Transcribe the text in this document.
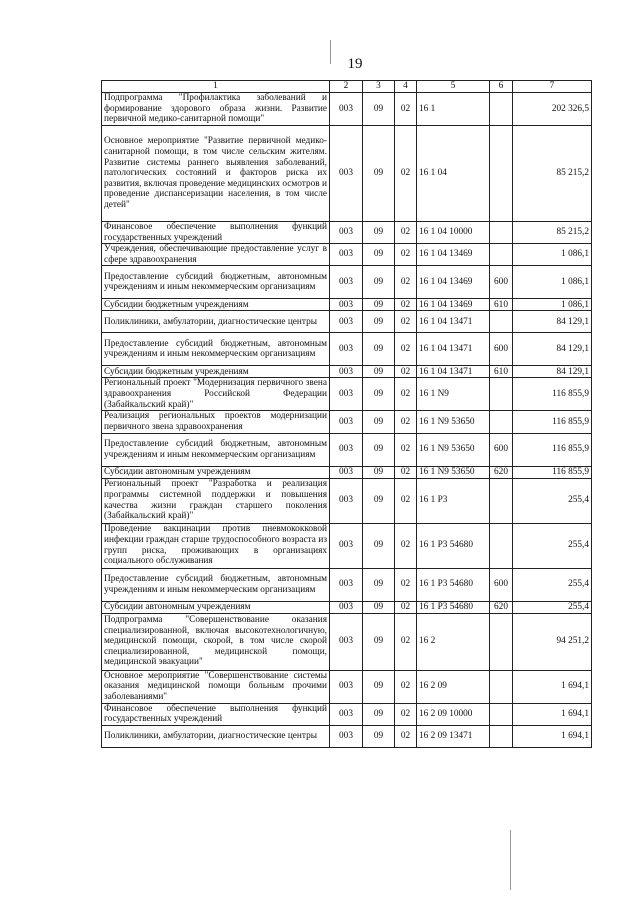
19
1	2	3	4	5	6	7
Подпрограмма "Профилактика заболеваний и формирование здорового образа жизни. Развитие первичной медико-санитарной помощи"	003	09	02	16 1		202 326,5
Основное мероприятие "Развитие первичной медико-санитарной помощи, в том числе сельским жителям. Развитие системы раннего выявления заболеваний, патологических состояний и факторов риска их развития, включая проведение медицинских осмотров и проведение диспансеризации населения, в том числе детей"	003	09	02	16 1 04		85 215,2
Финансовое обеспечение выполнения функций государственных учреждений	003	09	02	16 1 04 10000		85 215,2
Учреждения, обеспечивающие предоставление услуг в сфере здравоохранения	003	09	02	16 1 04 13469		1 086,1
Предоставление субсидий бюджетным, автономным учреждениям и иным некоммерческим организациям	003	09	02	16 1 04 13469	600	1 086,1
Субсидии бюджетным учреждениям	003	09	02	16 1 04 13469	610	1 086,1
Поликлиники, амбулатории, диагностические центры	003	09	02	16 1 04 13471		84 129,1
Предоставление субсидий бюджетным, автономным учреждениям и иным некоммерческим организациям	003	09	02	16 1 04 13471	600	84 129,1
Субсидии бюджетным учреждениям	003	09	02	16 1 04 13471	610	84 129,1
Региональный проект "Модернизация первичного звена здравоохранения Российской Федерации (Забайкальский край)"	003	09	02	16 1 N9		116 855,9
Реализация региональных проектов модернизации первичного звена здравоохранения	003	09	02	16 1 N9 53650		116 855,9
Предоставление субсидий бюджетным, автономным учреждениям и иным некоммерческим организациям	003	09	02	16 1 N9 53650	600	116 855,9
Субсидии автономным учреждениям	003	09	02	16 1 N9 53650	620	116 855,9
Региональный проект "Разработка и реализация программы системной поддержки и повышения качества жизни граждан старшего поколения (Забайкальский край)"	003	09	02	16 1 P3		255,4
Проведение вакцинации против пневмококковой инфекции граждан старше трудоспособного возраста из групп риска, проживающих в организациях социального обслуживания	003	09	02	16 1 P3 54680		255,4
Предоставление субсидий бюджетным, автономным учреждениям и иным некоммерческим организациям	003	09	02	16 1 P3 54680	600	255,4
Субсидии автономным учреждениям	003	09	02	16 1 P3 54680	620	255,4
Подпрограмма "Совершенствование оказания специализированной, включая высокотехнологичную, медицинской помощи, скорой, в том числе скорой специализированной, медицинской помощи, медицинской эвакуации"	003	09	02	16 2		94 251,2
Основное мероприятие "Совершенствование системы оказания медицинской помощи больным прочими заболеваниями"	003	09	02	16 2 09		1 694,1
Финансовое обеспечение выполнения функций государственных учреждений	003	09	02	16 2 09 10000		1 694,1
Поликлиники, амбулатории, диагностические центры	003	09	02	16 2 09 13471		1 694,1
